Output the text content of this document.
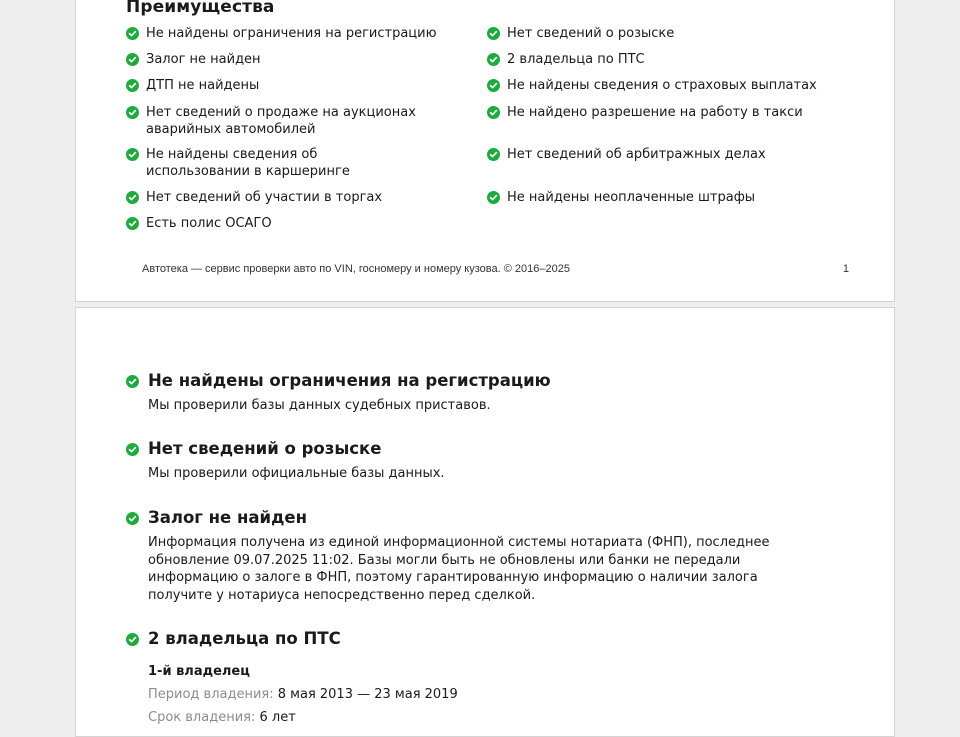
Преимущества
Не найдены ограничения на регистрацию
Залог не найден
ДТП не найдены
Нет сведений о продаже на аукционах аварийных автомобилей
Не найдены сведения об использовании в каршеринге
Нет сведений об участии в торгах
Есть полис ОСАГО
Нет сведений о розыске
2 владельца по ПТС
Не найдены сведения о страховых выплатах
Не найдено разрешение на работу в такси
Нет сведений об арбитражных делах
Не найдены неоплаченные штрафы
Автотека — сервис проверки авто по VIN, госномеру и номеру кузова. © 2016–2025	1
Не найдены ограничения на регистрацию
Мы проверили базы данных судебных приставов.
Нет сведений о розыске
Мы проверили официальные базы данных.
Залог не найден
Информация получена из единой информационной системы нотариата (ФНП), последнее обновление 09.07.2025 11:02. Базы могли быть не обновлены или банки не передали информацию о залоге в ФНП, поэтому гарантированную информацию о наличии залога получите у нотариуса непосредственно перед сделкой.
2 владельца по ПТС
1-й владелец
Период владения: 8 мая 2013 — 23 мая 2019
Срок владения: 6 лет
